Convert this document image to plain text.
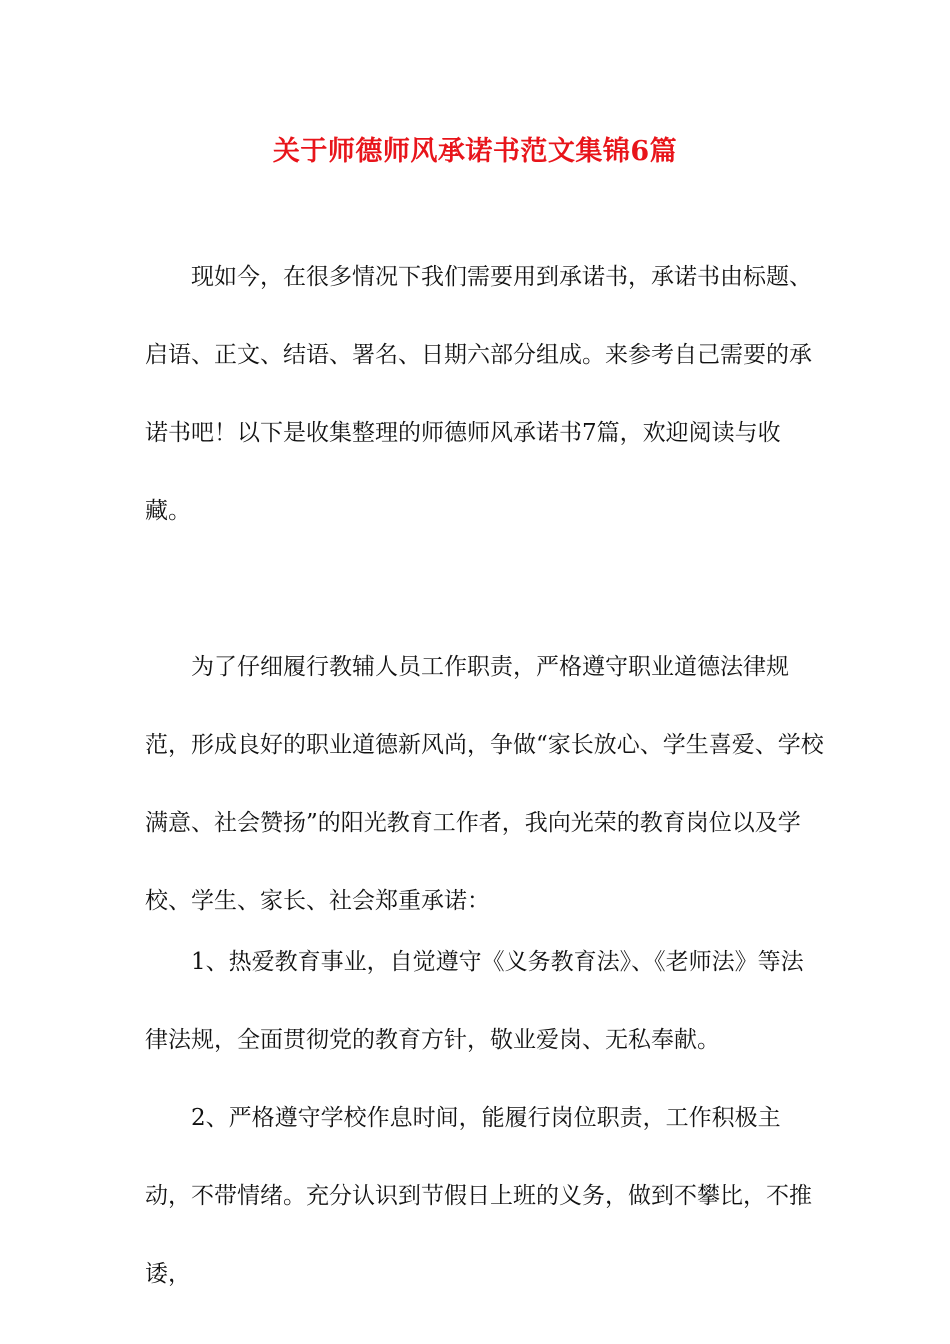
关于师德师风承诺书范文集锦6篇

现如今，在很多情况下我们需要用到承诺书，承诺书由标题、启语、正文、结语、署名、日期六部分组成。来参考自己需要的承诺书吧！以下是收集整理的师德师风承诺书7篇，欢迎阅读与收藏。

为了仔细履行教辅人员工作职责，严格遵守职业道德法律规范，形成良好的职业道德新风尚，争做“家长放心、学生喜爱、学校满意、社会赞扬”的阳光教育工作者，我向光荣的教育岗位以及学校、学生、家长、社会郑重承诺：

1、热爱教育事业，自觉遵守《义务教育法》、《老师法》等法律法规，全面贯彻党的教育方针，敬业爱岗、无私奉献。

2、严格遵守学校作息时间，能履行岗位职责，工作积极主动，不带情绪。充分认识到节假日上班的义务，做到不攀比，不推诿，
